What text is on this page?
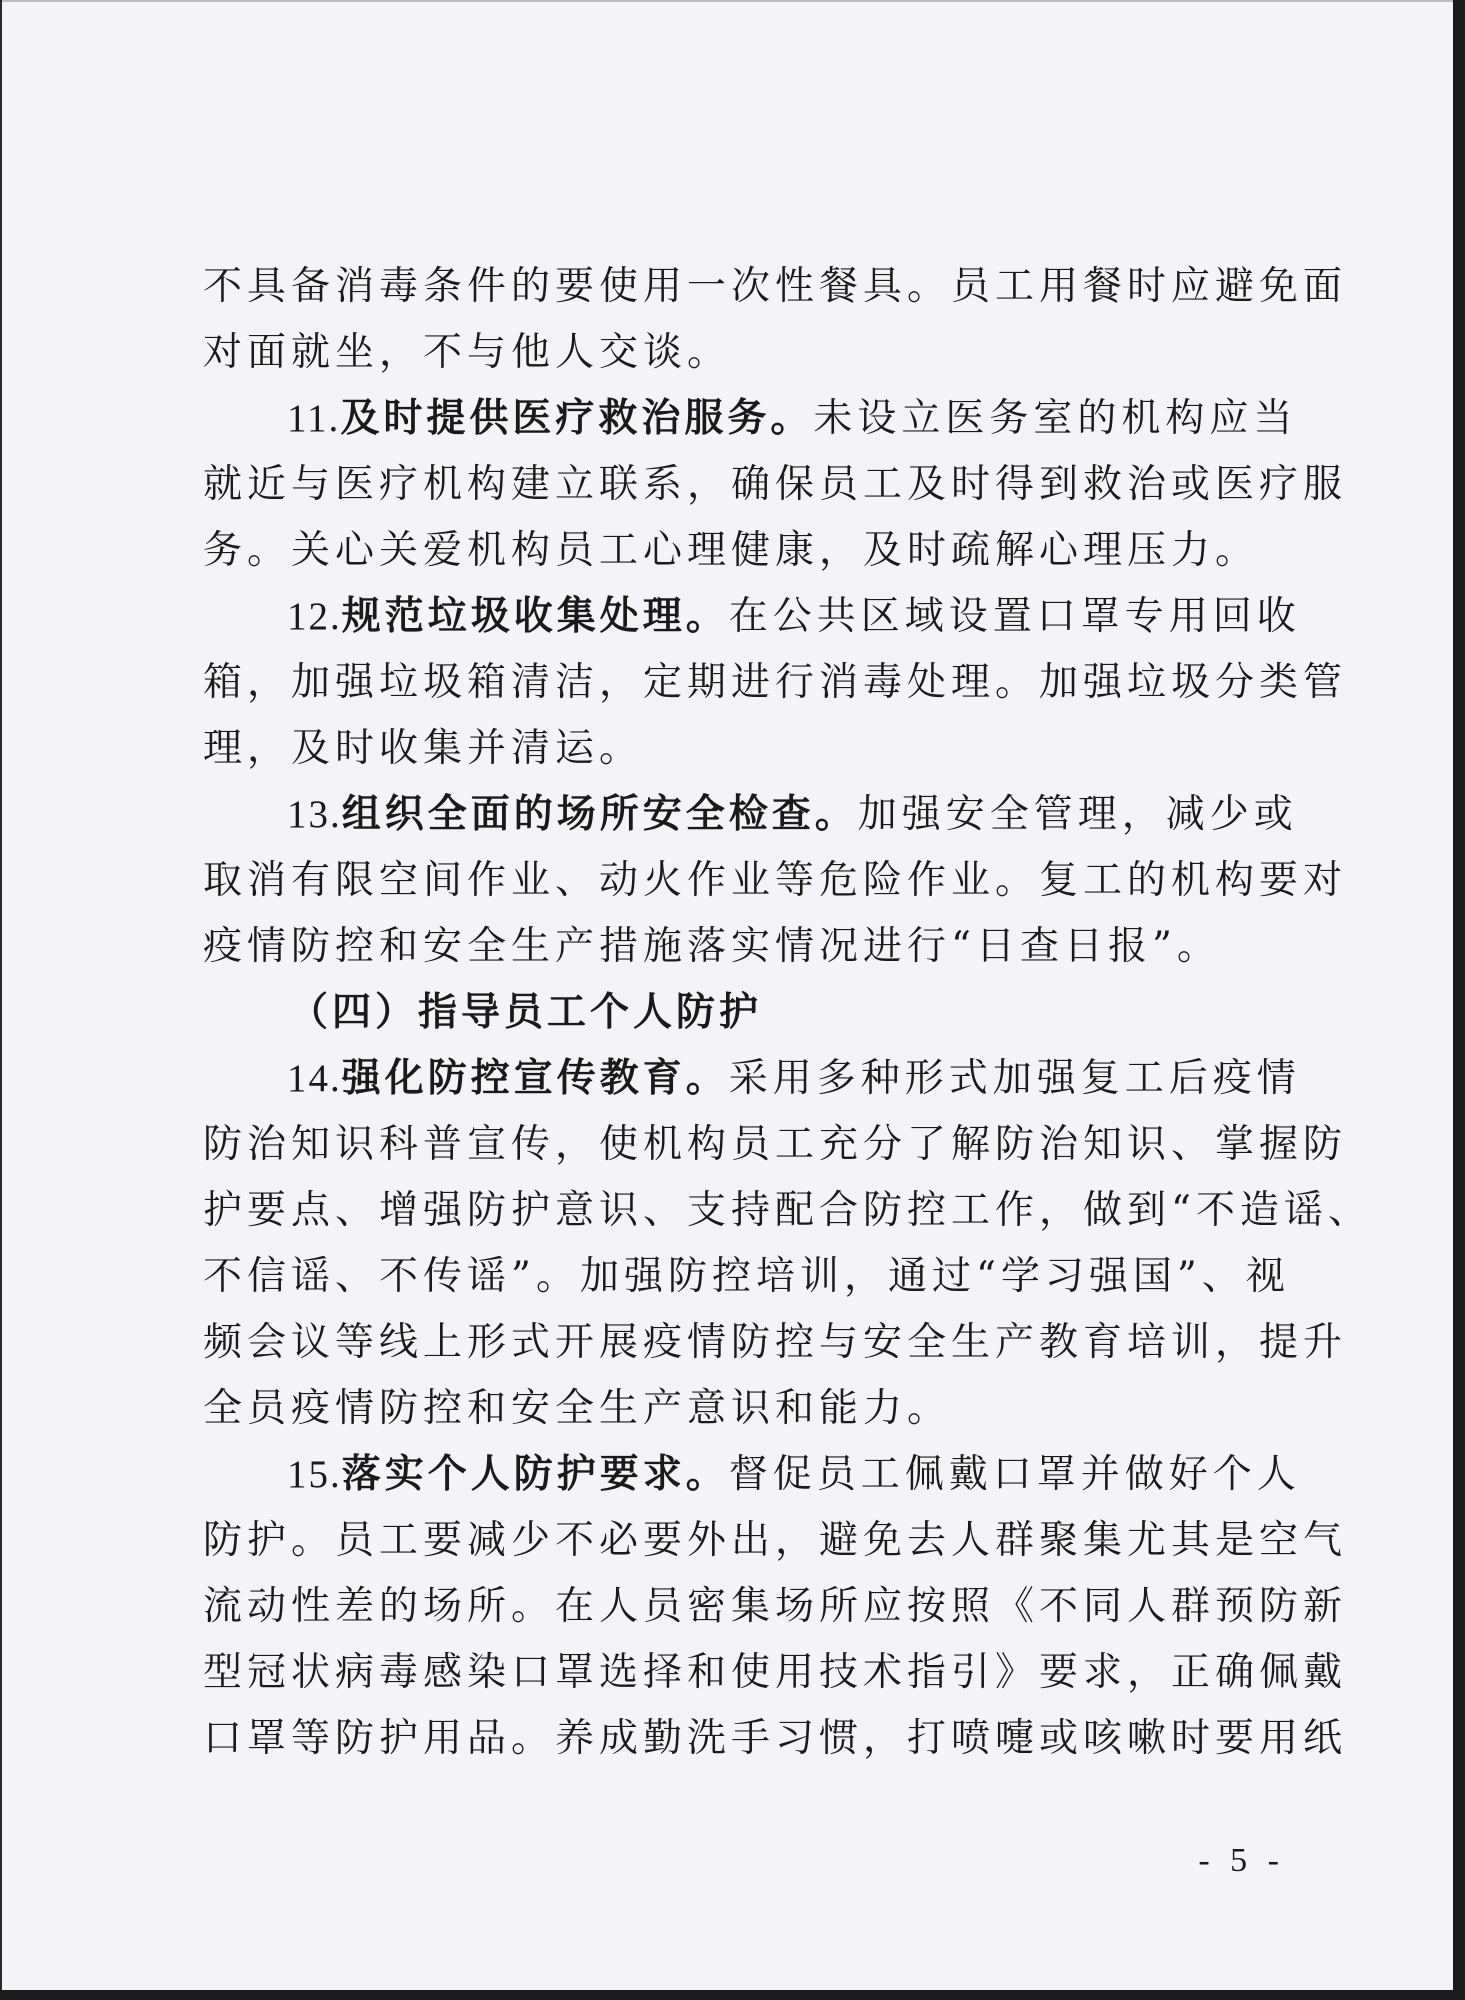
不具备消毒条件的要使用一次性餐具。员工用餐时应避免面
对面就坐，不与他人交谈。
11.及时提供医疗救治服务。未设立医务室的机构应当
就近与医疗机构建立联系，确保员工及时得到救治或医疗服
务。关心关爱机构员工心理健康，及时疏解心理压力。
12.规范垃圾收集处理。在公共区域设置口罩专用回收
箱，加强垃圾箱清洁，定期进行消毒处理。加强垃圾分类管
理，及时收集并清运。
13.组织全面的场所安全检查。加强安全管理，减少或
取消有限空间作业、动火作业等危险作业。复工的机构要对
疫情防控和安全生产措施落实情况进行“日查日报”。
（四）指导员工个人防护
14.强化防控宣传教育。采用多种形式加强复工后疫情
防治知识科普宣传，使机构员工充分了解防治知识、掌握防
护要点、增强防护意识、支持配合防控工作，做到“不造谣、
不信谣、不传谣”。加强防控培训，通过“学习强国”、视
频会议等线上形式开展疫情防控与安全生产教育培训，提升
全员疫情防控和安全生产意识和能力。
15.落实个人防护要求。督促员工佩戴口罩并做好个人
防护。员工要减少不必要外出，避免去人群聚集尤其是空气
流动性差的场所。在人员密集场所应按照《不同人群预防新
型冠状病毒感染口罩选择和使用技术指引》要求，正确佩戴
口罩等防护用品。养成勤洗手习惯，打喷嚏或咳嗽时要用纸
- 5 -
